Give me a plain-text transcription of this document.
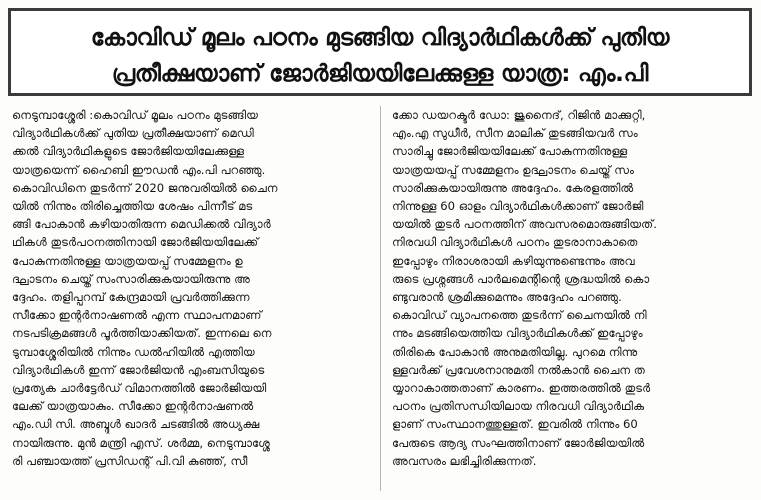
കോവിഡ് മൂലം പഠനം മുടങ്ങിയ വിദ്യാർഥികൾക്ക് പുതിയ
പ്രതീക്ഷയാണ് ജോർജിയയിലേക്കുള്ള യാത്ര: എം.പി
നെടുമ്പാശ്ശേരി :കൊവിഡ് മൂലം പഠനം മുടങ്ങിയ
വിദ്യാർഥികൾക്ക് പുതിയ പ്രതീക്ഷയാണ് മെഡി
ക്കൽ വിദ്യാർഥികളുടെ ജോർജിയയിലേക്കുള്ള
യാത്രയെന്ന് ഹൈബി ഈഡൻ എം.പി പറഞ്ഞു.
കൊവിഡിനെ തുടർന്ന് 2020 ജനുവരിയിൽ ചൈന
യിൽ നിന്നും തിരിച്ചെത്തിയ ശേഷം പിന്നീട് മട
ങ്ങി പോകാൻ കഴിയാതിരുന്ന മെഡിക്കൽ വിദ്യാർ
ഥികൾ തുടർപഠനത്തിനായി ജോർജിയയിലേക്ക്
പോകുന്നതിനുള്ള യാത്രയയപ്പ് സമ്മേളനം ഉ
ദ്ഘാടനം ചെയ്ത് സംസാരിക്കുകയായിരുന്നു അ
ദ്ദേഹം. തളിപ്പറമ്പ് കേന്ദ്രമായി പ്രവർത്തിക്കുന്ന
സീക്കോ ഇന്റർനാഷണൽ എന്ന സ്ഥാപനമാണ്
നടപടിക്രമങ്ങൾ പൂർത്തിയാക്കിയത്. ഇന്നലെ നെ
ടുമ്പാശ്ശേരിയിൽ നിന്നും ഡൽഹിയിൽ എത്തിയ
വിദ്യാർഥികൾ ഇന്ന് ജോർജിയൻ എംബസിയുടെ
പ്രത്യേക ചാർട്ടേർഡ് വിമാനത്തിൽ ജോർജിയയി
ലേക്ക് യാത്രയാകും. സീക്കോ ഇന്റർനാഷണൽ
എം.ഡി സി. അബ്ദുൾ ഖാദർ ചടങ്ങിൽ അധ്യക്ഷ
നായിരുന്നു. മുൻ മന്ത്രി എസ്. ശർമ്മ, നെടുമ്പാശ്ശേ
രി പഞ്ചായത്ത് പ്രസിഡന്റ് പി.വി കുഞ്ഞ്, സീ
ക്കോ ഡയറക്ടർ ഡോ: ജുനൈദ്, റിജിൻ മാക്കുറ്റി,
എം.എ സുധീർ, സീന മാലിക് തുടങ്ങിയവർ സം
സാരിച്ചു ജോർജിയയിലേക്ക് പോകുന്നതിനുള്ള
യാത്രയയപ്പ് സമ്മേളനം ഉദ്ഘാടനം ചെയ്ത് സം
സാരിക്കുകയായിരുന്നു അദ്ദേഹം. കേരളത്തിൽ
നിന്നുള്ള 60 ഓളം വിദ്യാർഥികൾക്കാണ് ജോർജി
യയിൽ തുടർ പഠനത്തിന് അവസരമൊരുങ്ങിയത്.
നിരവധി വിദ്യാർഥികൾ പഠനം തുടരാനാകാതെ
ഇപ്പോഴും നിരാശരായി കഴിയുന്നുണ്ടെന്നും അവ
രുടെ പ്രശ്നങ്ങൾ പാർലമെന്റിന്റെ ശ്രദ്ധയിൽ കൊ
ണ്ടുവരാൻ ശ്രമിക്കുമെന്നും അദ്ദേഹം പറഞ്ഞു.
കൊവിഡ് വ്യാപനത്തെ തുടർന്ന് ചൈനയിൽ നി
ന്നും മടങ്ങിയെത്തിയ വിദ്യാർഥികൾക്ക് ഇപ്പോഴും
തിരികെ പോകാൻ അനുമതിയില്ല. പുറമെ നിന്നു
ള്ളവർക്ക് പ്രവേശനാനുമതി നൽകാൻ ചൈന ത
യ്യാറാകാത്തതാണ് കാരണം. ഇത്തരത്തിൽ തുടർ
പഠനം പ്രതിസന്ധിയിലായ നിരവധി വിദ്യാർഥിക
ളാണ് സംസ്ഥാനത്തുള്ളത്. ഇവരിൽ നിന്നും 60
പേരുടെ ആദ്യ സംഘത്തിനാണ് ജോർജിയയിൽ
അവസരം ലഭിച്ചിരിക്കുന്നത്.
